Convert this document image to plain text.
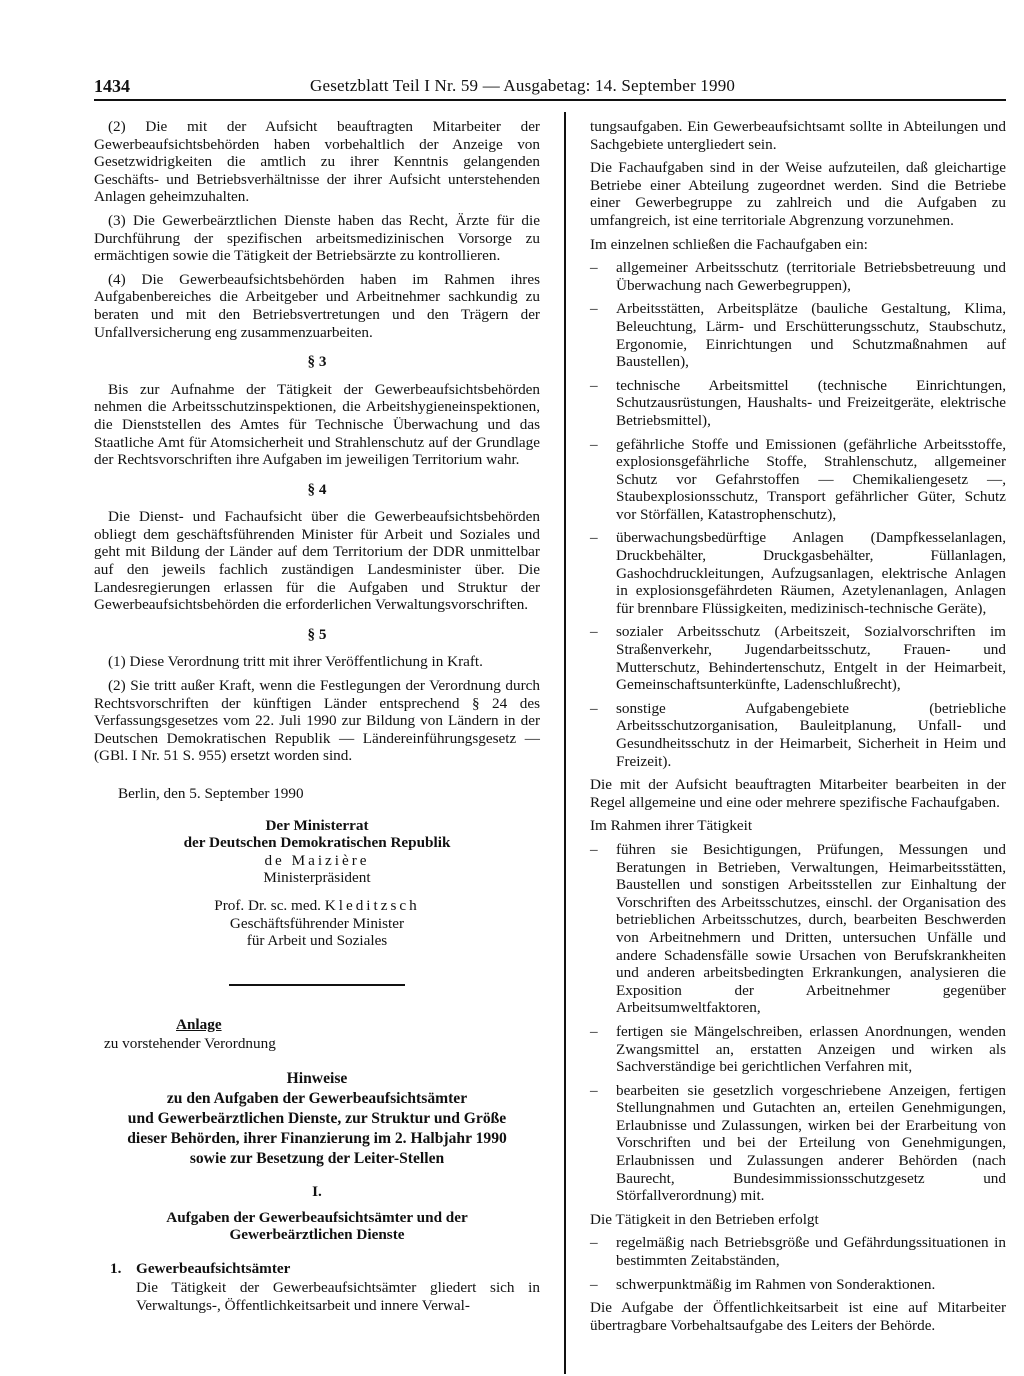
1434	Gesetzblatt Teil I Nr. 59 — Ausgabetag: 14. September 1990

(2) Die mit der Aufsicht beauftragten Mitarbeiter der Gewerbeaufsichtsbehörden haben vorbehaltlich der Anzeige von Gesetzwidrigkeiten die amtlich zu ihrer Kenntnis gelangenden Geschäfts- und Betriebsverhältnisse der ihrer Aufsicht unterstehenden Anlagen geheimzuhalten.

(3) Die Gewerbeärztlichen Dienste haben das Recht, Ärzte für die Durchführung der spezifischen arbeitsmedizinischen Vorsorge zu ermächtigen sowie die Tätigkeit der Betriebsärzte zu kontrollieren.

(4) Die Gewerbeaufsichtsbehörden haben im Rahmen ihres Aufgabenbereiches die Arbeitgeber und Arbeitnehmer sachkundig zu beraten und mit den Betriebsvertretungen und den Trägern der Unfallversicherung eng zusammenzuarbeiten.

§ 3

Bis zur Aufnahme der Tätigkeit der Gewerbeaufsichtsbehörden nehmen die Arbeitsschutzinspektionen, die Arbeitshygieneinspektionen, die Dienststellen des Amtes für Technische Überwachung und das Staatliche Amt für Atomsicherheit und Strahlenschutz auf der Grundlage der Rechtsvorschriften ihre Aufgaben im jeweiligen Territorium wahr.

§ 4

Die Dienst- und Fachaufsicht über die Gewerbeaufsichtsbehörden obliegt dem geschäftsführenden Minister für Arbeit und Soziales und geht mit Bildung der Länder auf dem Territorium der DDR unmittelbar auf den jeweils fachlich zuständigen Landesminister über. Die Landesregierungen erlassen für die Aufgaben und Struktur der Gewerbeaufsichtsbehörden die erforderlichen Verwaltungsvorschriften.

§ 5

(1) Diese Verordnung tritt mit ihrer Veröffentlichung in Kraft.

(2) Sie tritt außer Kraft, wenn die Festlegungen der Verordnung durch Rechtsvorschriften der künftigen Länder entsprechend § 24 des Verfassungsgesetzes vom 22. Juli 1990 zur Bildung von Ländern in der Deutschen Demokratischen Republik — Ländereinführungsgesetz — (GBl. I Nr. 51 S. 955) ersetzt worden sind.

Berlin, den 5. September 1990

Der Ministerrat

der Deutschen Demokratischen Republik

de Maizière

Ministerpräsident

Prof. Dr. sc. med. Kleditzsch

Geschäftsführender Minister

für Arbeit und Soziales

Anlage

zu vorstehender Verordnung

Hinweise
zu den Aufgaben der Gewerbeaufsichtsämter
und Gewerbeärztlichen Dienste, zur Struktur und Größe
dieser Behörden, ihrer Finanzierung im 2. Halbjahr 1990
sowie zur Besetzung der Leiter-Stellen

I.

Aufgaben der Gewerbeaufsichtsämter und der
Gewerbeärztlichen Dienste

1. Gewerbeaufsichtsämter

Die Tätigkeit der Gewerbeaufsichtsämter gliedert sich in Verwaltungs-, Öffentlichkeitsarbeit und innere Verwal-

tungsaufgaben. Ein Gewerbeaufsichtsamt sollte in Abteilungen und Sachgebiete untergliedert sein.

Die Fachaufgaben sind in der Weise aufzuteilen, daß gleichartige Betriebe einer Abteilung zugeordnet werden. Sind die Betriebe einer Gewerbegruppe zu zahlreich und die Aufgaben zu umfangreich, ist eine territoriale Abgrenzung vorzunehmen.

Im einzelnen schließen die Fachaufgaben ein:

– allgemeiner Arbeitsschutz (territoriale Betriebsbetreuung und Überwachung nach Gewerbegruppen),
– Arbeitsstätten, Arbeitsplätze (bauliche Gestaltung, Klima, Beleuchtung, Lärm- und Erschütterungsschutz, Staubschutz, Ergonomie, Einrichtungen und Schutzmaßnahmen auf Baustellen),
– technische Arbeitsmittel (technische Einrichtungen, Schutzausrüstungen, Haushalts- und Freizeitgeräte, elektrische Betriebsmittel),
– gefährliche Stoffe und Emissionen (gefährliche Arbeitsstoffe, explosionsgefährliche Stoffe, Strahlenschutz, allgemeiner Schutz vor Gefahrstoffen — Chemikaliengesetz —, Staubexplosionsschutz, Transport gefährlicher Güter, Schutz vor Störfällen, Katastrophenschutz),
– überwachungsbedürftige Anlagen (Dampfkesselanlagen, Druckbehälter, Druckgasbehälter, Füllanlagen, Gashochdruckleitungen, Aufzugsanlagen, elektrische Anlagen in explosionsgefährdeten Räumen, Azetylenanlagen, Anlagen für brennbare Flüssigkeiten, medizinisch-technische Geräte),
– sozialer Arbeitsschutz (Arbeitszeit, Sozialvorschriften im Straßenverkehr, Jugendarbeitsschutz, Frauen- und Mutterschutz, Behindertenschutz, Entgelt in der Heimarbeit, Gemeinschaftsunterkünfte, Ladenschlußrecht),
– sonstige Aufgabengebiete (betriebliche Arbeitsschutzorganisation, Bauleitplanung, Unfall- und Gesundheitsschutz in der Heimarbeit, Sicherheit in Heim und Freizeit).

Die mit der Aufsicht beauftragten Mitarbeiter bearbeiten in der Regel allgemeine und eine oder mehrere spezifische Fachaufgaben.

Im Rahmen ihrer Tätigkeit

– führen sie Besichtigungen, Prüfungen, Messungen und Beratungen in Betrieben, Verwaltungen, Heimarbeitsstätten, Baustellen und sonstigen Arbeitsstellen zur Einhaltung der Vorschriften des Arbeitsschutzes, einschl. der Organisation des betrieblichen Arbeitsschutzes, durch, bearbeiten Beschwerden von Arbeitnehmern und Dritten, untersuchen Unfälle und andere Schadensfälle sowie Ursachen von Berufskrankheiten und anderen arbeitsbedingten Erkrankungen, analysieren die Exposition der Arbeitnehmer gegenüber Arbeitsumweltfaktoren,
– fertigen sie Mängelschreiben, erlassen Anordnungen, wenden Zwangsmittel an, erstatten Anzeigen und wirken als Sachverständige bei gerichtlichen Verfahren mit,
– bearbeiten sie gesetzlich vorgeschriebene Anzeigen, fertigen Stellungnahmen und Gutachten an, erteilen Genehmigungen, Erlaubnisse und Zulassungen, wirken bei der Erarbeitung von Vorschriften und bei der Erteilung von Genehmigungen, Erlaubnissen und Zulassungen anderer Behörden (nach Baurecht, Bundesimmissionsschutzgesetz und Störfallverordnung) mit.

Die Tätigkeit in den Betrieben erfolgt

– regelmäßig nach Betriebsgröße und Gefährdungssituationen in bestimmten Zeitabständen,
– schwerpunktmäßig im Rahmen von Sonderaktionen.

Die Aufgabe der Öffentlichkeitsarbeit ist eine auf Mitarbeiter übertragbare Vorbehaltsaufgabe des Leiters der Behörde.
